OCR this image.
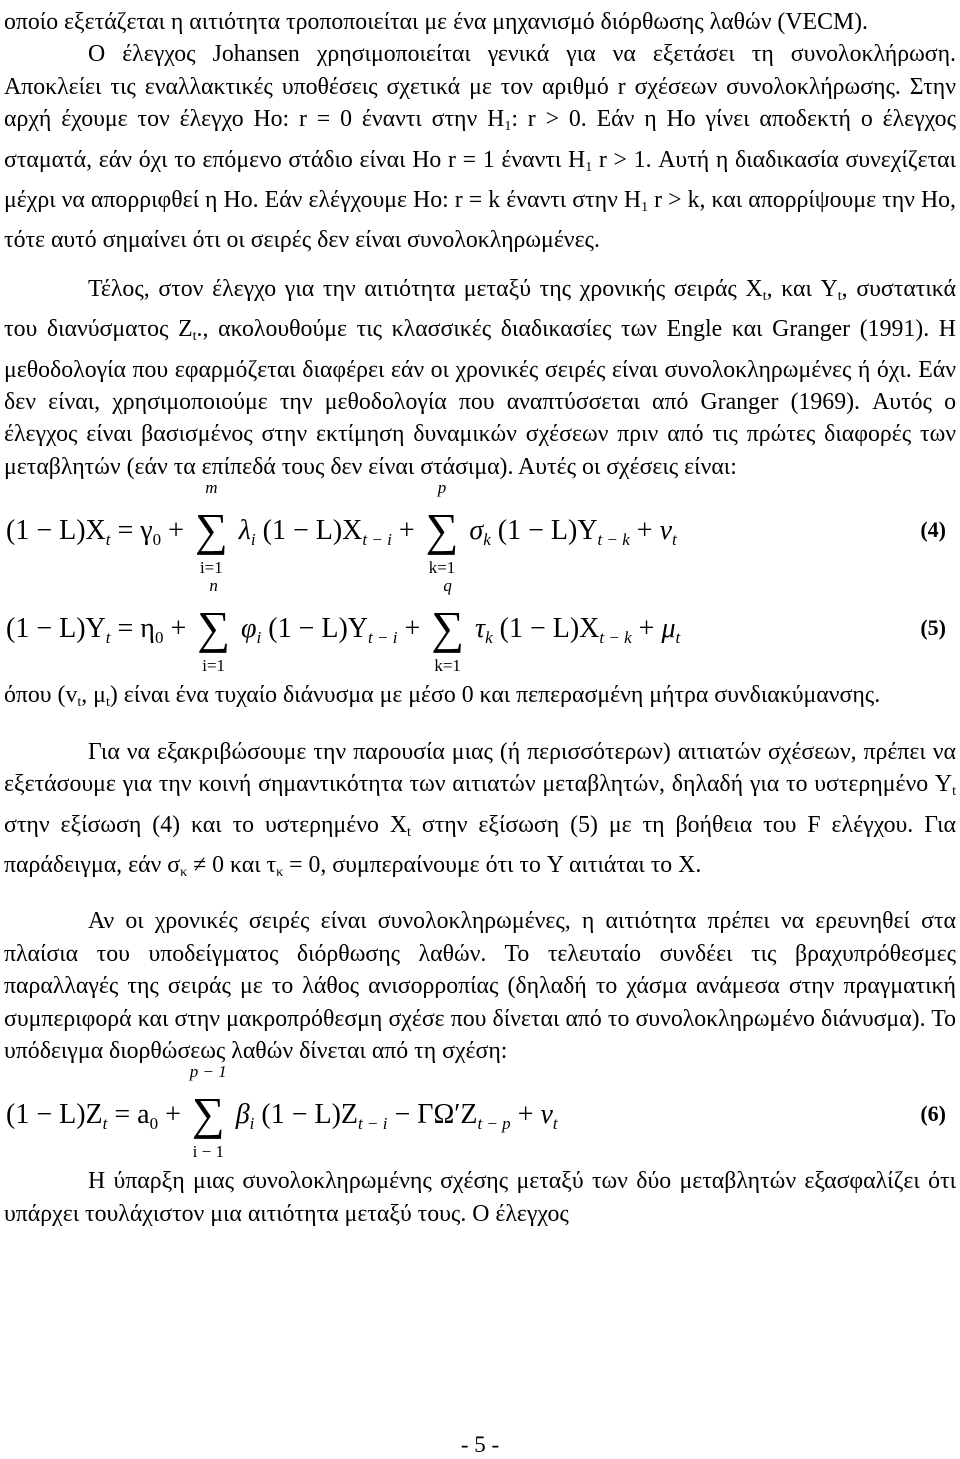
οποίο εξετάζεται η αιτιότητα τροποποιείται με ένα μηχανισμό διόρθωσης λαθών (VECM).

Ο έλεγχος Johansen χρησιμοποιείται γενικά για να εξετάσει τη συνολοκλήρωση. Αποκλείει τις εναλλακτικές υποθέσεις σχετικά με τον αριθμό r σχέσεων συνολοκλήρωσης. Στην αρχή έχουμε τον έλεγχο Ho: r = 0 έναντι στην $H_1$: r > 0. Εάν η Ho γίνει αποδεκτή ο έλεγχος σταματά, εάν όχι το επόμενο στάδιο είναι Ho r = 1 έναντι $H_1$ r > 1. Αυτή η διαδικασία συνεχίζεται μέχρι να απορριφθεί η Ho. Εάν ελέγχουμε Ho: r = k έναντι στην $H_1$ r > k, και απορρίψουμε την Ho, τότε αυτό σημαίνει ότι οι σειρές δεν είναι συνολοκληρωμένες.

Τέλος, στον έλεγχο για την αιτιότητα μεταξύ της χρονικής σειράς $X_t$, και $Y_t$, συστατικά του διανύσματος $Z_t$., ακολουθούμε τις κλασσικές διαδικασίες των Engle και Granger (1991). Η μεθοδολογία που εφαρμόζεται διαφέρει εάν οι χρονικές σειρές είναι συνολοκληρωμένες ή όχι. Εάν δεν είναι, χρησιμοποιούμε την μεθοδολογία που αναπτύσσεται από Granger (1969). Αυτός ο έλεγχος είναι βασισμένος στην εκτίμηση δυναμικών σχέσεων πριν από τις πρώτες διαφορές των μεταβλητών (εάν τα επίπεδά τους δεν είναι στάσιμα). Αυτές οι σχέσεις είναι:

$(1 - L)X_t = \gamma_0$ + ∑
m
i=1
$\lambda_i$ $(1 - L)X_{t - i}$ + ∑
p
k=1
$\sigma_k$ $(1 - L)Y_{t - k} + \nu_t$	(4)
$(1 - L)Y_t = \eta_0$ + ∑
n
i=1
$\varphi_i$ $(1 - L)Y_{t - i}$ + ∑
q
k=1
$\tau_k$ $(1 - L)X_{t - k} + \mu_t$	(5)

όπου ($v_t$, $\mu_t$) είναι ένα τυχαίο διάνυσμα με μέσο 0 και πεπερασμένη μήτρα συνδιακύμανσης.

Για να εξακριβώσουμε την παρουσία μιας (ή περισσότερων) αιτιατών σχέσεων, πρέπει να εξετάσουμε για την κοινή σημαντικότητα των αιτιατών μεταβλητών, δηλαδή για το υστερημένο $Y_t$ στην εξίσωση (4) και το υστερημένο $X_t$ στην εξίσωση (5) με τη βοήθεια του F ελέγχου. Για παράδειγμα, εάν $\sigma_\kappa \ne 0$ και $\tau_\kappa = 0$, συμπεραίνουμε ότι το Y αιτιάται το X.

Αν οι χρονικές σειρές είναι συνολοκληρωμένες, η αιτιότητα πρέπει να ερευνηθεί στα πλαίσια του υποδείγματος διόρθωσης λαθών. Το τελευταίο συνδέει τις βραχυπρόθεσμες παραλλαγές της σειράς με το λάθος ανισορροπίας (δηλαδή το χάσμα ανάμεσα στην πραγματική συμπεριφορά και στην μακροπρόθεσμη σχέσε που δίνεται από το συνολοκληρωμένο διάνυσμα). Το υπόδειγμα διορθώσεως λαθών δίνεται από τη σχέση:

$(1 - L)Z_t = a_0$ + ∑
p − 1
i − 1
$\beta_i$ $(1 - L)Z_{t - i} - \Gamma\Omega'Z_{t - p} + \nu_t$	(6)

Η ύπαρξη μιας συνολοκληρωμένης σχέσης μεταξύ των δύο μεταβλητών εξασφαλίζει ότι υπάρχει τουλάχιστον μια αιτιότητα μεταξύ τους. Ο έλεγχος

- 5 -
